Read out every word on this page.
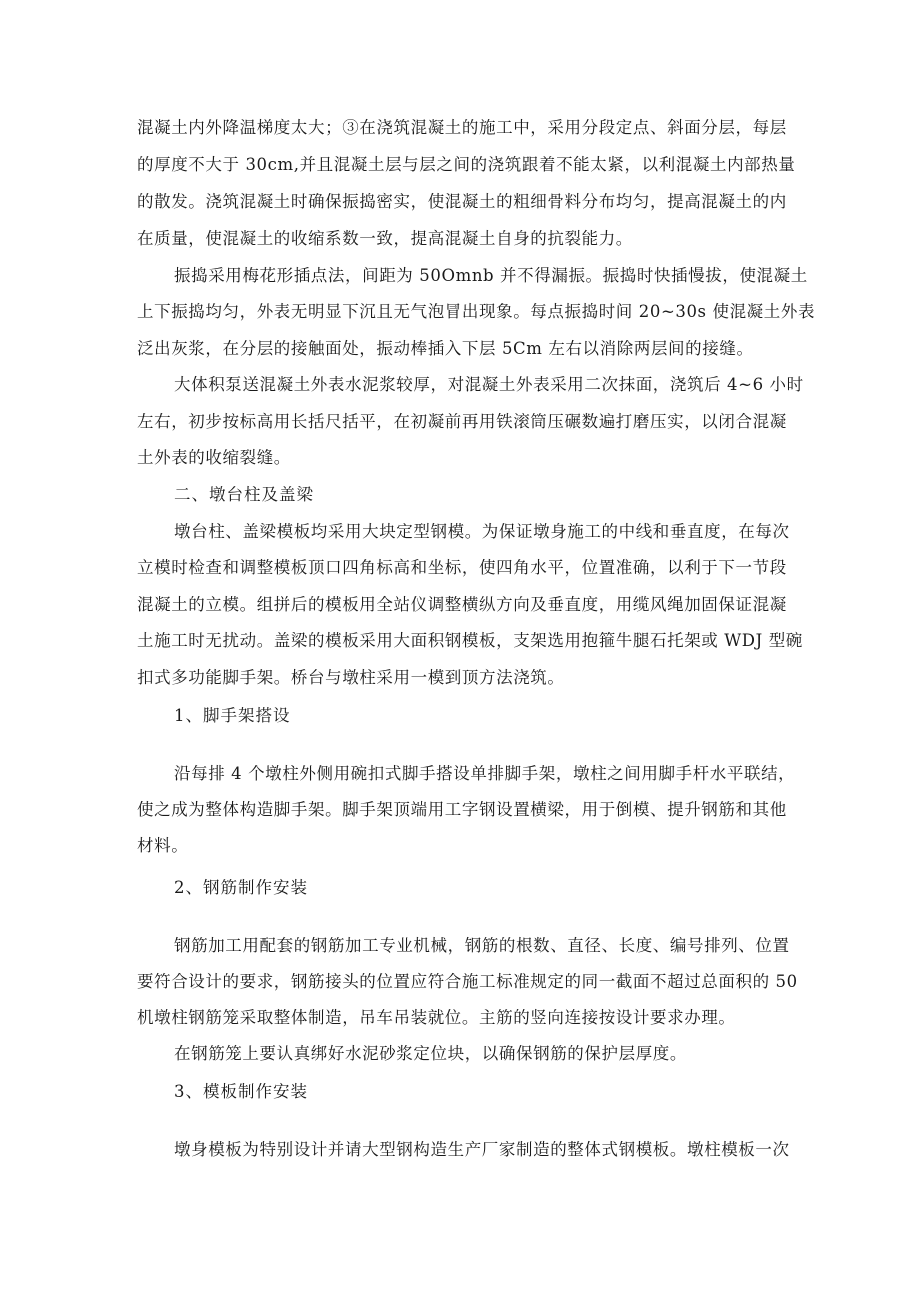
混凝土内外降温梯度太大；③在浇筑混凝土的施工中，采用分段定点、斜面分层，每层
的厚度不大于 30cm,并且混凝土层与层之间的浇筑跟着不能太紧，以利混凝土内部热量
的散发。浇筑混凝土时确保振捣密实，使混凝土的粗细骨料分布均匀，提高混凝土的内
在质量，使混凝土的收缩系数一致，提高混凝土自身的抗裂能力。
振捣采用梅花形插点法，间距为 50Omnb 并不得漏振。振捣时快插慢拔，使混凝土
上下振捣均匀，外表无明显下沉且无气泡冒出现象。每点振捣时间 20~30s 使混凝土外表
泛出灰浆，在分层的接触面处，振动棒插入下层 5Cm 左右以消除两层间的接缝。
大体积泵送混凝土外表水泥浆较厚，对混凝土外表采用二次抹面，浇筑后 4~6 小时
左右，初步按标高用长括尺括平，在初凝前再用铁滚筒压碾数遍打磨压实，以闭合混凝
土外表的收缩裂缝。
二、墩台柱及盖梁
墩台柱、盖梁模板均采用大块定型钢模。为保证墩身施工的中线和垂直度，在每次
立模时检查和调整模板顶口四角标高和坐标，使四角水平，位置准确，以利于下一节段
混凝土的立模。组拼后的模板用全站仪调整横纵方向及垂直度，用缆风绳加固保证混凝
土施工时无扰动。盖梁的模板采用大面积钢模板，支架选用抱箍牛腿石托架或 WDJ 型碗
扣式多功能脚手架。桥台与墩柱采用一模到顶方法浇筑。
1、脚手架搭设
沿每排 4 个墩柱外侧用碗扣式脚手搭设单排脚手架，墩柱之间用脚手杆水平联结，
使之成为整体构造脚手架。脚手架顶端用工字钢设置横梁，用于倒模、提升钢筋和其他
材料。
2、钢筋制作安装
钢筋加工用配套的钢筋加工专业机械，钢筋的根数、直径、长度、编号排列、位置
要符合设计的要求，钢筋接头的位置应符合施工标准规定的同一截面不超过总面积的 50
机墩柱钢筋笼采取整体制造，吊车吊装就位。主筋的竖向连接按设计要求办理。
在钢筋笼上要认真绑好水泥砂浆定位块，以确保钢筋的保护层厚度。
3、模板制作安装
墩身模板为特别设计并请大型钢构造生产厂家制造的整体式钢模板。墩柱模板一次
